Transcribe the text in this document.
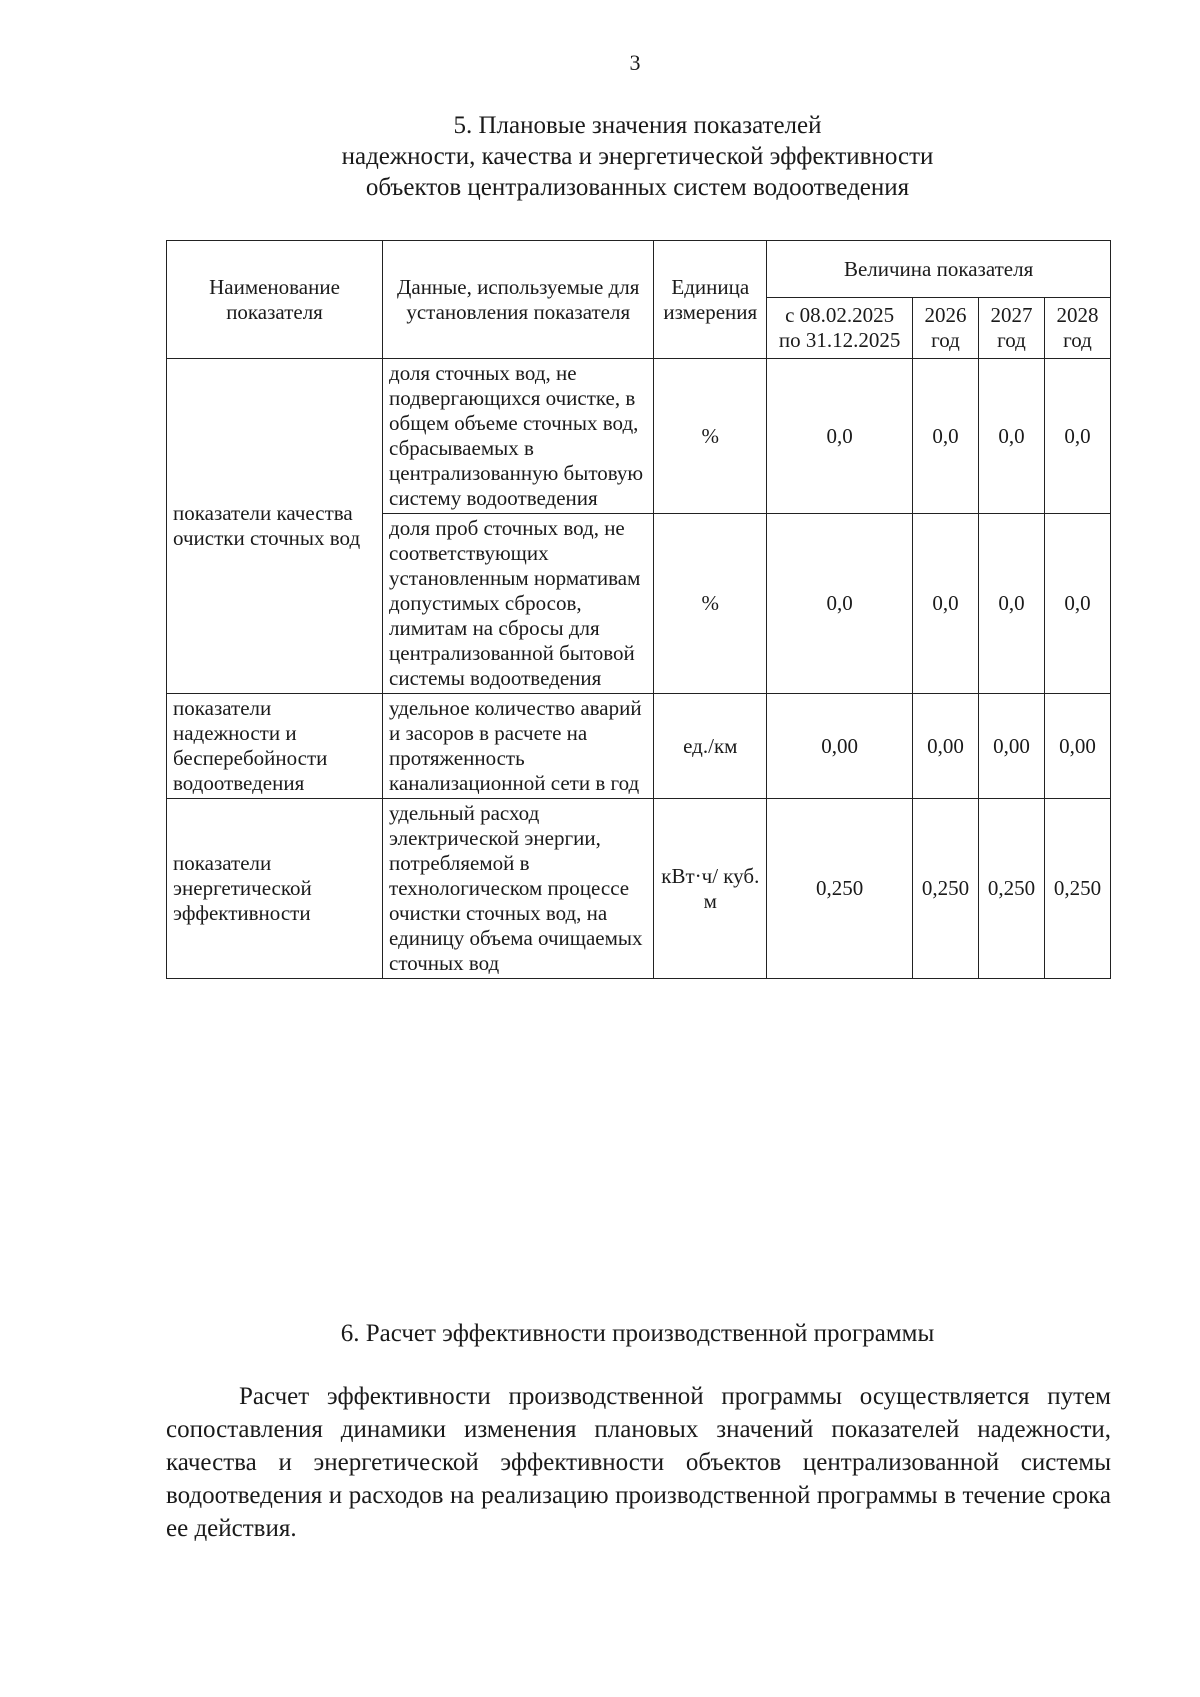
3
5. Плановые значения показателей
надежности, качества и энергетической эффективности
объектов централизованных систем водоотведения
Наименование показателя	Данные, используемые для установления показателя	Единица измерения	Величина показателя			
			с 08.02.2025 по 31.12.2025	2026 год	2027 год	2028 год
показатели качества очистки сточных вод	доля сточных вод, не подвергающихся очистке, в общем объеме сточных вод, сбрасываемых в централизованную бытовую систему водоотведения	%	0,0	0,0	0,0	0,0
	доля проб сточных вод, не соответствующих установленным нормативам допустимых сбросов, лимитам на сбросы для централизованной бытовой системы водоотведения	%	0,0	0,0	0,0	0,0
показатели надежности и бесперебойности водоотведения	удельное количество аварий и засоров в расчете на протяженность канализационной сети в год	ед./км	0,00	0,00	0,00	0,00
показатели энергетической эффективности	удельный расход электрической энергии, потребляемой в технологическом процессе очистки сточных вод, на единицу объема очищаемых сточных вод	кВт·ч/ куб. м	0,250	0,250	0,250	0,250
6. Расчет эффективности производственной программы
Расчет эффективности производственной программы осуществляется путем сопоставления динамики изменения плановых значений показателей надежности, качества и энергетической эффективности объектов централизованной системы водоотведения и расходов на реализацию производственной программы в течение срока ее действия.
